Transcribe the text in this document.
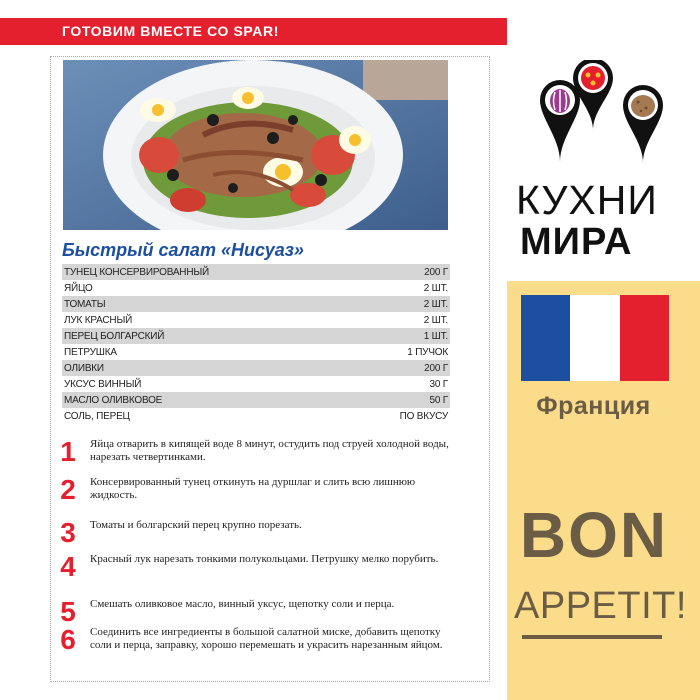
ГОТОВИМ ВМЕСТЕ СО SPAR!
Быстрый салат «Нисуаз»
ТУНЕЦ КОНСЕРВИРОВАННЫЙ	200 Г
ЯЙЦО	2 ШТ.
ТОМАТЫ	2 ШТ.
ЛУК КРАСНЫЙ	2 ШТ.
ПЕРЕЦ БОЛГАРСКИЙ	1 ШТ.
ПЕТРУШКА	1 ПУЧОК
ОЛИВКИ	200 Г
УКСУС ВИННЫЙ	30 Г
МАСЛО ОЛИВКОВОЕ	50 Г
СОЛЬ, ПЕРЕЦ	ПО ВКУСУ
1 Яйца отварить в кипящей воде 8 минут, остудить под струей холодной воды, нарезать четвертинками.
2 Консервированный тунец откинуть на дуршлаг и слить всю лишнюю жидкость.
3 Томаты и болгарский перец крупно порезать.
4 Красный лук нарезать тонкими полукольцами. Петрушку мелко порубить.
5 Смешать оливковое масло, винный уксус, щепотку соли и перца.
6 Соединить все ингредиенты в большой салатной миске, добавить щепотку соли и перца, заправку, хорошо перемешать и украсить нарезанным яйцом.
КУХНИ
МИРА
Франция
BON
APPETIT!
